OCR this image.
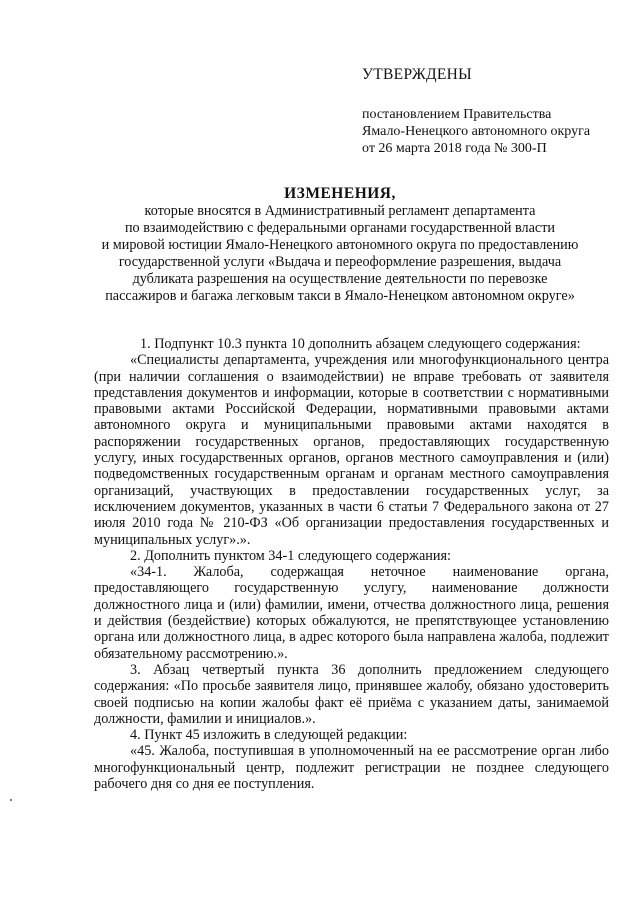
УТВЕРЖДЕНЫ
постановлением Правительства
Ямало-Ненецкого автономного округа
от 26 марта 2018 года № 300-П
ИЗМЕНЕНИЯ,
которые вносятся в Административный регламент департамента
по взаимодействию с федеральными органами государственной власти
и мировой юстиции Ямало-Ненецкого автономного округа по предоставлению
государственной услуги «Выдача и переоформление разрешения, выдача
дубликата разрешения на осуществление деятельности по перевозке
пассажиров и багажа легковым такси в Ямало-Ненецком автономном округе»

1. Подпункт 10.3 пункта 10 дополнить абзацем следующего содержания:

«Специалисты департамента, учреждения или многофункционального центра (при наличии соглашения о взаимодействии) не вправе требовать от заявителя представления документов и информации, которые в соответствии с нормативными правовыми актами Российской Федерации, нормативными правовыми актами автономного округа и муниципальными правовыми актами находятся в распоряжении государственных органов, предоставляющих государственную услугу, иных государственных органов, органов местного самоуправления и (или) подведомственных государственным органам и органам местного самоуправления организаций, участвующих в предоставлении государственных услуг, за исключением документов, указанных в части 6 статьи 7 Федерального закона от 27 июля 2010 года № 210-ФЗ «Об организации предоставления государственных и муниципальных услуг».».

2. Дополнить пунктом 34-1 следующего содержания:

«34-1. Жалоба, содержащая неточное наименование органа, предоставляющего государственную услугу, наименование должности должностного лица и (или) фамилии, имени, отчества должностного лица, решения и действия (бездействие) которых обжалуются, не препятствующее установлению органа или должностного лица, в адрес которого была направлена жалоба, подлежит обязательному рассмотрению.».

3. Абзац четвертый пункта 36 дополнить предложением следующего содержания: «По просьбе заявителя лицо, принявшее жалобу, обязано удостоверить своей подписью на копии жалобы факт её приёма с указанием даты, занимаемой должности, фамилии и инициалов.».

4. Пункт 45 изложить в следующей редакции:

«45. Жалоба, поступившая в уполномоченный на ее рассмотрение орган либо многофункциональный центр, подлежит регистрации не позднее следующего рабочего дня со дня ее поступления.
